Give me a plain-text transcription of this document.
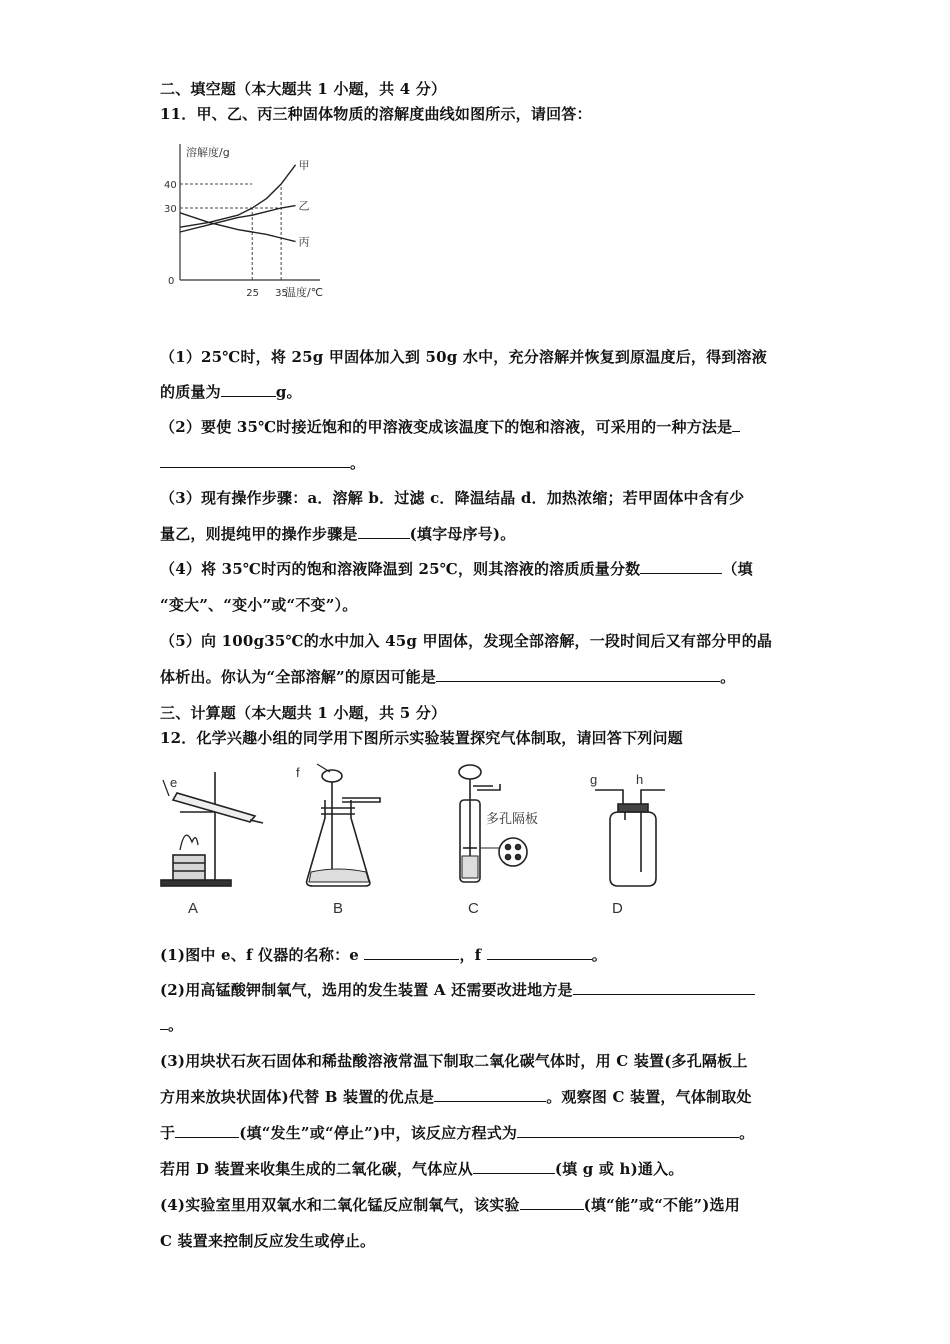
二、填空题（本大题共 1 小题，共 4 分）
11．甲、乙、丙三种固体物质的溶解度曲线如图所示，请回答：
溶解度/g
温度/℃
0
30
40
25 35
甲
乙
丙
（1）25℃时，将 25g 甲固体加入到 50g 水中，充分溶解并恢复到原温度后，得到溶液
的质量为	g。
（2）要使 35℃时接近饱和的甲溶液变成该温度下的饱和溶液，可采用的一种方法是
。
（3）现有操作步骤：a．溶解 b．过滤 c．降温结晶 d．加热浓缩；若甲固体中含有少
量乙，则提纯甲的操作步骤是	(填字母序号)。
（4）将 35℃时丙的饱和溶液降温到 25℃，则其溶液的溶质质量分数	（填
“变大”、“变小”或“不变”）。
（5）向 100g35℃的水中加入 45g 甲固体，发现全部溶解，一段时间后又有部分甲的晶
体析出。你认为“全部溶解”的原因可能是	。
三、计算题（本大题共 1 小题，共 5 分）
12．化学兴趣小组的同学用下图所示实验装置探究气体制取，请回答下列问题
e
f
多孔隔板
g	h
A	B	C	D
(1)图中 e、f 仪器的名称：e	，f	。
(2)用高锰酸钾制氧气，选用的发生装置 A 还需要改进地方是
。
(3)用块状石灰石固体和稀盐酸溶液常温下制取二氧化碳气体时，用 C 装置(多孔隔板上
方用来放块状固体)代替 B 装置的优点是	。观察图 C 装置，气体制取处
于	(填“发生”或“停止”)中，该反应方程式为	。
若用 D 装置来收集生成的二氧化碳，气体应从	(填 g 或 h)通入。
(4)实验室里用双氧水和二氧化锰反应制氧气，该实验	(填“能”或“不能”)选用
C 装置来控制反应发生或停止。
